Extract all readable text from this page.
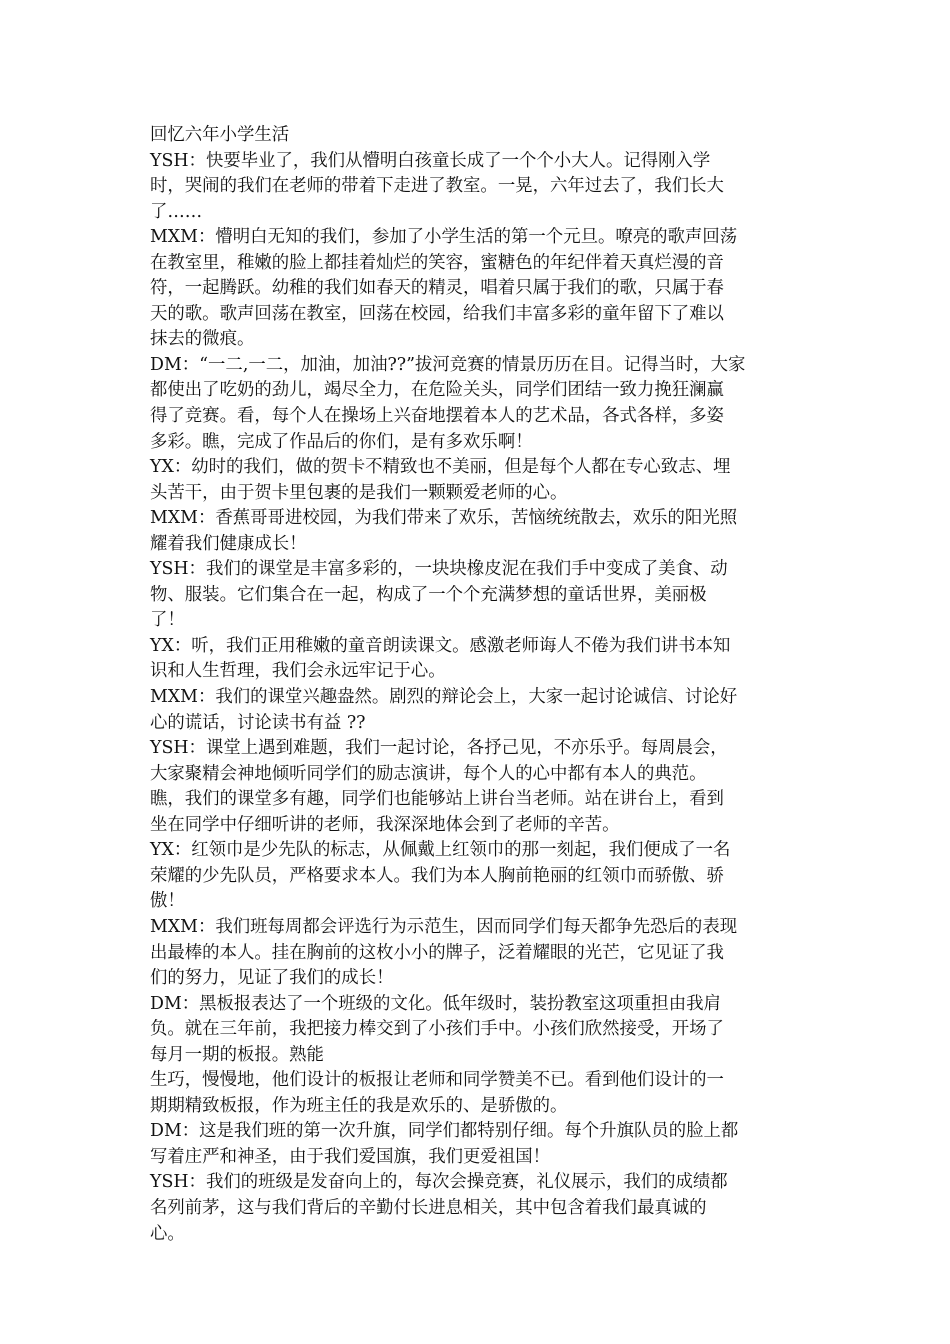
回忆六年小学生活
YSH：快要毕业了，我们从懵明白孩童长成了一个个小大人。记得刚入学
时，哭闹的我们在老师的带着下走进了教室。一晃，六年过去了，我们长大
了……
MXM：懵明白无知的我们，参加了小学生活的第一个元旦。嘹亮的歌声回荡
在教室里，稚嫩的脸上都挂着灿烂的笑容，蜜糖色的年纪伴着天真烂漫的音
符，一起腾跃。幼稚的我们如春天的精灵，唱着只属于我们的歌，只属于春
天的歌。歌声回荡在教室，回荡在校园，给我们丰富多彩的童年留下了难以
抹去的微痕。
DM：“一二,一二，加油，加油??”拔河竞赛的情景历历在目。记得当时，大家
都使出了吃奶的劲儿，竭尽全力，在危险关头，同学们团结一致力挽狂澜赢
得了竞赛。看，每个人在操场上兴奋地摆着本人的艺术品，各式各样，多姿
多彩。瞧，完成了作品后的你们，是有多欢乐啊！
YX：幼时的我们，做的贺卡不精致也不美丽，但是每个人都在专心致志、埋
头苦干，由于贺卡里包裹的是我们一颗颗爱老师的心。
MXM：香蕉哥哥进校园，为我们带来了欢乐，苦恼统统散去，欢乐的阳光照
耀着我们健康成长！
YSH：我们的课堂是丰富多彩的，一块块橡皮泥在我们手中变成了美食、动
物、服装。它们集合在一起，构成了一个个充满梦想的童话世界，美丽极
了！
YX：听，我们正用稚嫩的童音朗读课文。感激老师诲人不倦为我们讲书本知
识和人生哲理，我们会永远牢记于心。
MXM：我们的课堂兴趣盎然。剧烈的辩论会上，大家一起讨论诚信、讨论好
心的谎话，讨论读书有益 ??
YSH：课堂上遇到难题，我们一起讨论，各抒己见，不亦乐乎。每周晨会，
大家聚精会神地倾听同学们的励志演讲，每个人的心中都有本人的典范。
瞧，我们的课堂多有趣，同学们也能够站上讲台当老师。站在讲台上，看到
坐在同学中仔细听讲的老师，我深深地体会到了老师的辛苦。
YX：红领巾是少先队的标志，从佩戴上红领巾的那一刻起，我们便成了一名
荣耀的少先队员，严格要求本人。我们为本人胸前艳丽的红领巾而骄傲、骄
傲！
MXM：我们班每周都会评选行为示范生，因而同学们每天都争先恐后的表现
出最棒的本人。挂在胸前的这枚小小的牌子，泛着耀眼的光芒，它见证了我
们的努力，见证了我们的成长！
DM：黑板报表达了一个班级的文化。低年级时，装扮教室这项重担由我肩
负。就在三年前，我把接力棒交到了小孩们手中。小孩们欣然接受，开场了
每月一期的板报。熟能
生巧，慢慢地，他们设计的板报让老师和同学赞美不已。看到他们设计的一
期期精致板报，作为班主任的我是欢乐的、是骄傲的。
DM：这是我们班的第一次升旗，同学们都特别仔细。每个升旗队员的脸上都
写着庄严和神圣，由于我们爱国旗，我们更爱祖国！
YSH：我们的班级是发奋向上的，每次会操竞赛，礼仪展示，我们的成绩都
名列前茅，这与我们背后的辛勤付长进息相关，其中包含着我们最真诚的
心。
